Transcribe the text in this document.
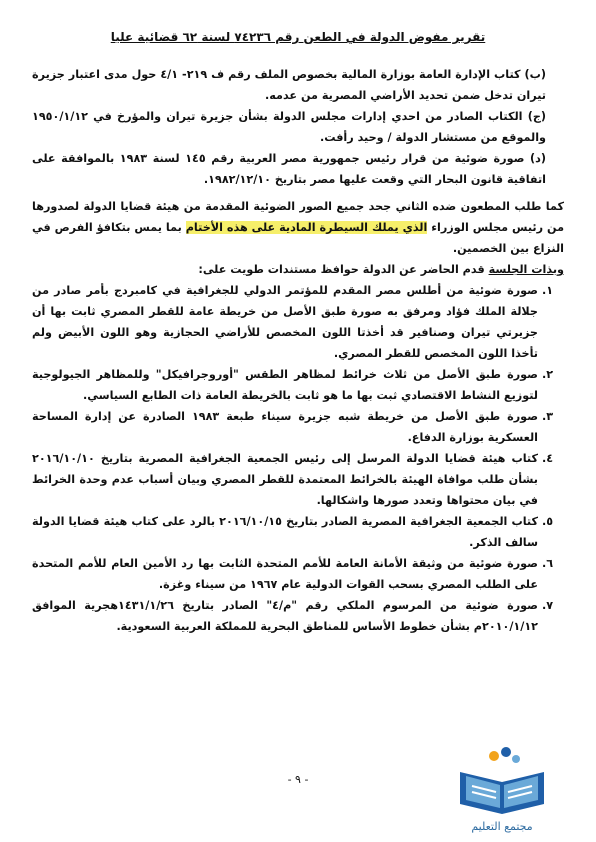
تقرير مفوض الدولة في الطعن رقم ٧٤٢٣٦ لسنة ٦٢ قضائية عليا

(ب) كتاب الإدارة العامة بوزارة المالية بخصوص الملف رقم ف ٢١٩- ٤/١ حول مدى اعتبار جزيرة تيران تدخل ضمن تحديد الأراضي المصرية من عدمه.

(ج) الكتاب الصادر من احدي إدارات مجلس الدولة بشأن جزيرة تيران والمؤرخ في ١٩٥٠/١/١٢ والموقع من مستشار الدولة / وحيد رأفت.

(د) صورة ضوئية من قرار رئيس جمهورية مصر العربية رقم ١٤٥ لسنة ١٩٨٣ بالموافقة على اتفاقية قانون البحار التي وقعت عليها مصر بتاريخ ١٩٨٢/١٢/١٠.

كما طلب المطعون ضده الثاني جحد جميع الصور الضوئية المقدمة من هيئة قضايا الدولة لصدورها من رئيس مجلس الوزراء الذي يملك السيطرة المادية على هذه الأختام بما يمس بتكافؤ الفرص في النزاع بين الخصمين.

وبذات الجلسة قدم الحاضر عن الدولة حوافظ مستندات طويت على:

١.
صورة ضوئية من أطلس مصر المقدم للمؤتمر الدولي للجغرافية في كامبردج بأمر صادر من جلالة الملك فؤاد ومرفق به صورة طبق الأصل من خريطة عامة للقطر المصري ثابت بها أن جزيرتي تيران وصنافير قد أخذتا اللون المخصص للأراضي الحجازية وهو اللون الأبيض ولم تأخذا اللون المخصص للقطر المصري.
٢.
صورة طبق الأصل من ثلاث خرائط لمظاهر الطقس "أوروجرافيكل" وللمظاهر الجيولوجية لتوزيع النشاط الاقتصادي ثبت بها ما هو ثابت بالخريطة العامة ذات الطابع السياسي.
٣.
صورة طبق الأصل من خريطة شبه جزيرة سيناء طبعة ١٩٨٣ الصادرة عن إدارة المساحة العسكرية بوزارة الدفاع.
٤.
كتاب هيئة قضايا الدولة المرسل إلى رئيس الجمعية الجغرافية المصرية بتاريخ ٢٠١٦/١٠/١٠ بشأن طلب موافاة الهيئة بالخرائط المعتمدة للقطر المصري وبيان أسباب عدم وحدة الخرائط في بيان محتواها وتعدد صورها واشكالها.
٥.
كتاب الجمعية الجغرافية المصرية الصادر بتاريخ ٢٠١٦/١٠/١٥ بالرد على كتاب هيئة قضايا الدولة سالف الذكر.
٦.
صورة ضوئية من وثيقة الأمانة العامة للأمم المتحدة الثابت بها رد الأمين العام للأمم المتحدة على الطلب المصري بسحب القوات الدولية عام ١٩٦٧ من سيناء وغزة.
٧.
صورة ضوئية من المرسوم الملكي رقم "م/٤" الصادر بتاريخ ١٤٣١/١/٢٦هجرية الموافق ٢٠١٠/١/١٢م بشأن خطوط الأساس للمناطق البحرية للمملكة العربية السعودية.
- ٩ -
مجتمع التعليم
